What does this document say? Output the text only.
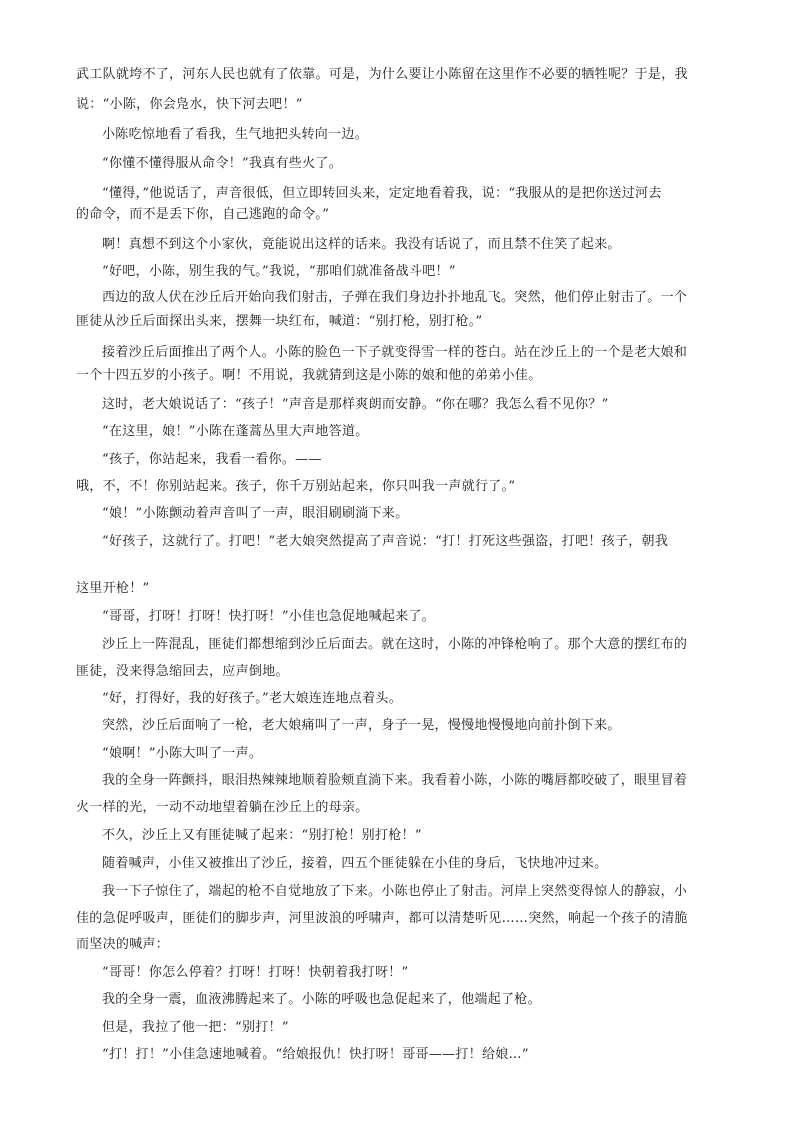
武工队就垮不了，河东人民也就有了依靠。可是，为什么要让小陈留在这里作不必要的牺牲呢？于是，我
说：“小陈，你会凫水，快下河去吧！”
小陈吃惊地看了看我，生气地把头转向一边。
“你懂不懂得服从命令！”我真有些火了。
“懂得，”他说话了，声音很低，但立即转回头来，定定地看着我，说：“我服从的是把你送过河去
的命令，而不是丢下你，自己逃跑的命令。”
啊！真想不到这个小家伙，竟能说出这样的话来。我没有话说了，而且禁不住笑了起来。
“好吧，小陈，别生我的气。”我说，“那咱们就准备战斗吧！”
西边的敌人伏在沙丘后开始向我们射击，子弹在我们身边扑扑地乱飞。突然，他们停止射击了。一个
匪徒从沙丘后面探出头来，摆舞一块红布，喊道：“别打枪，别打枪。”
接着沙丘后面推出了两个人。小陈的脸色一下子就变得雪一样的苍白。站在沙丘上的一个是老大娘和
一个十四五岁的小孩子。啊！不用说，我就猜到这是小陈的娘和他的弟弟小佳。
这时，老大娘说话了：“孩子！”声音是那样爽朗而安静。“你在哪？我怎么看不见你？”
“在这里，娘！”小陈在蓬蒿丛里大声地答道。
“孩子，你站起来，我看一看你。——
哦，不，不！你别站起来。孩子，你千万别站起来，你只叫我一声就行了。”
“娘！”小陈颤动着声音叫了一声，眼泪刷刷淌下来。
“好孩子，这就行了。打吧！”老大娘突然提高了声音说：“打！打死这些强盗，打吧！孩子，朝我
这里开枪！”
“哥哥，打呀！打呀！快打呀！”小佳也急促地喊起来了。
沙丘上一阵混乱，匪徒们都想缩到沙丘后面去。就在这时，小陈的冲锋枪响了。那个大意的摆红布的
匪徒，没来得急缩回去，应声倒地。
“好，打得好，我的好孩子。”老大娘连连地点着头。
突然，沙丘后面响了一枪，老大娘痛叫了一声，身子一晃，慢慢地慢慢地向前扑倒下来。
“娘啊！”小陈大叫了一声。
我的全身一阵颤抖，眼泪热辣辣地顺着脸颊直淌下来。我看着小陈，小陈的嘴唇都咬破了，眼里冒着
火一样的光，一动不动地望着躺在沙丘上的母亲。
不久，沙丘上又有匪徒喊了起来：“别打枪！别打枪！”
随着喊声，小佳又被推出了沙丘，接着，四五个匪徒躲在小佳的身后，飞快地冲过来。
我一下子惊住了，端起的枪不自觉地放了下来。小陈也停止了射击。河岸上突然变得惊人的静寂，小
佳的急促呼吸声，匪徒们的脚步声，河里波浪的呼啸声，都可以清楚听见……突然，响起一个孩子的清脆
而坚决的喊声：
“哥哥！你怎么停着？打呀！打呀！快朝着我打呀！”
我的全身一震，血液沸腾起来了。小陈的呼吸也急促起来了，他端起了枪。
但是，我拉了他一把：“别打！”
“打！打！”小佳急速地喊着。“给娘报仇！快打呀！哥哥——打！给娘…”
